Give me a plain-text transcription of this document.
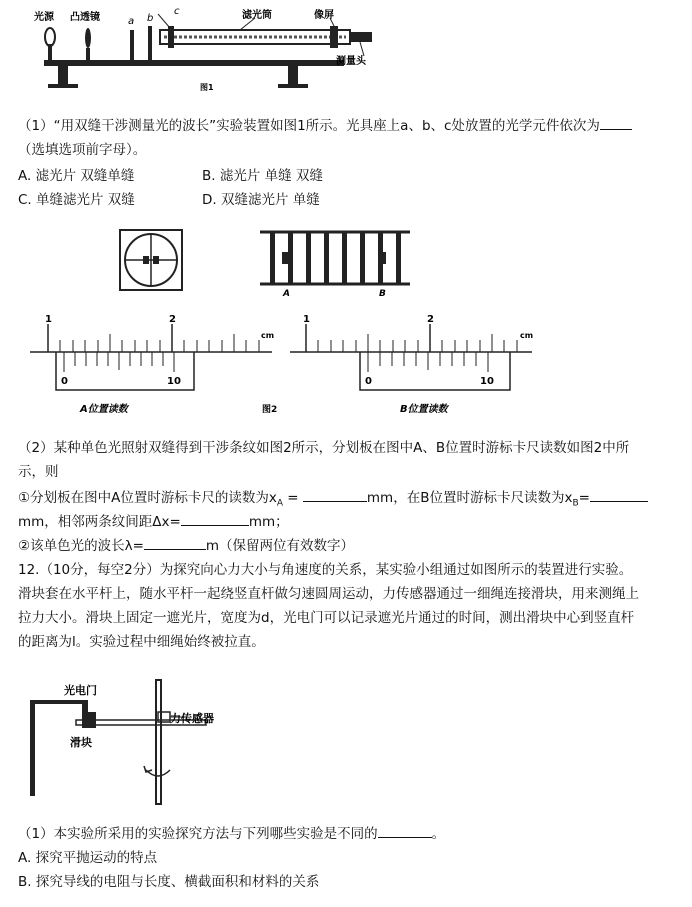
光源 凸透镜	a b
c	滤光筒	像屏
测量头
图1
（1）“用双缝干涉测量光的波长”实验装置如图1所示。光具座上a、b、c处放置的光学元件依次为
（选填选项前字母）。
A. 滤光片 双缝单缝	B. 滤光片 单缝 双缝
C. 单缝滤光片 双缝	D. 双缝滤光片 单缝
A	B
1	2
cm
0	10
A位置读数	图2
1	2
cm
0	10
B位置读数
（2）某种单色光照射双缝得到干涉条纹如图2所示，分划板在图中A、B位置时游标卡尺读数如图2中所
示，则
①分划板在图中A位置时游标卡尺的读数为$x_A$ =	mm，在B位置时游标卡尺读数为$x_B=$
mm，相邻两条纹间距Δx=	mm；
②该单色光的波长λ=	m（保留两位有效数字）
12.（10分，每空2分）为探究向心力大小与角速度的关系，某实验小组通过如图所示的装置进行实验。
滑块套在水平杆上，随水平杆一起绕竖直杆做匀速圆周运动，力传感器通过一细绳连接滑块，用来测绳上
拉力大小。滑块上固定一遮光片，宽度为d，光电门可以记录遮光片通过的时间，测出滑块中心到竖直杆
的距离为l。实验过程中细绳始终被拉直。
光电门
力传感器
滑块
（1）本实验所采用的实验探究方法与下列哪些实验是不同的	。
A. 探究平抛运动的特点
B. 探究导线的电阻与长度、横截面积和材料的关系
